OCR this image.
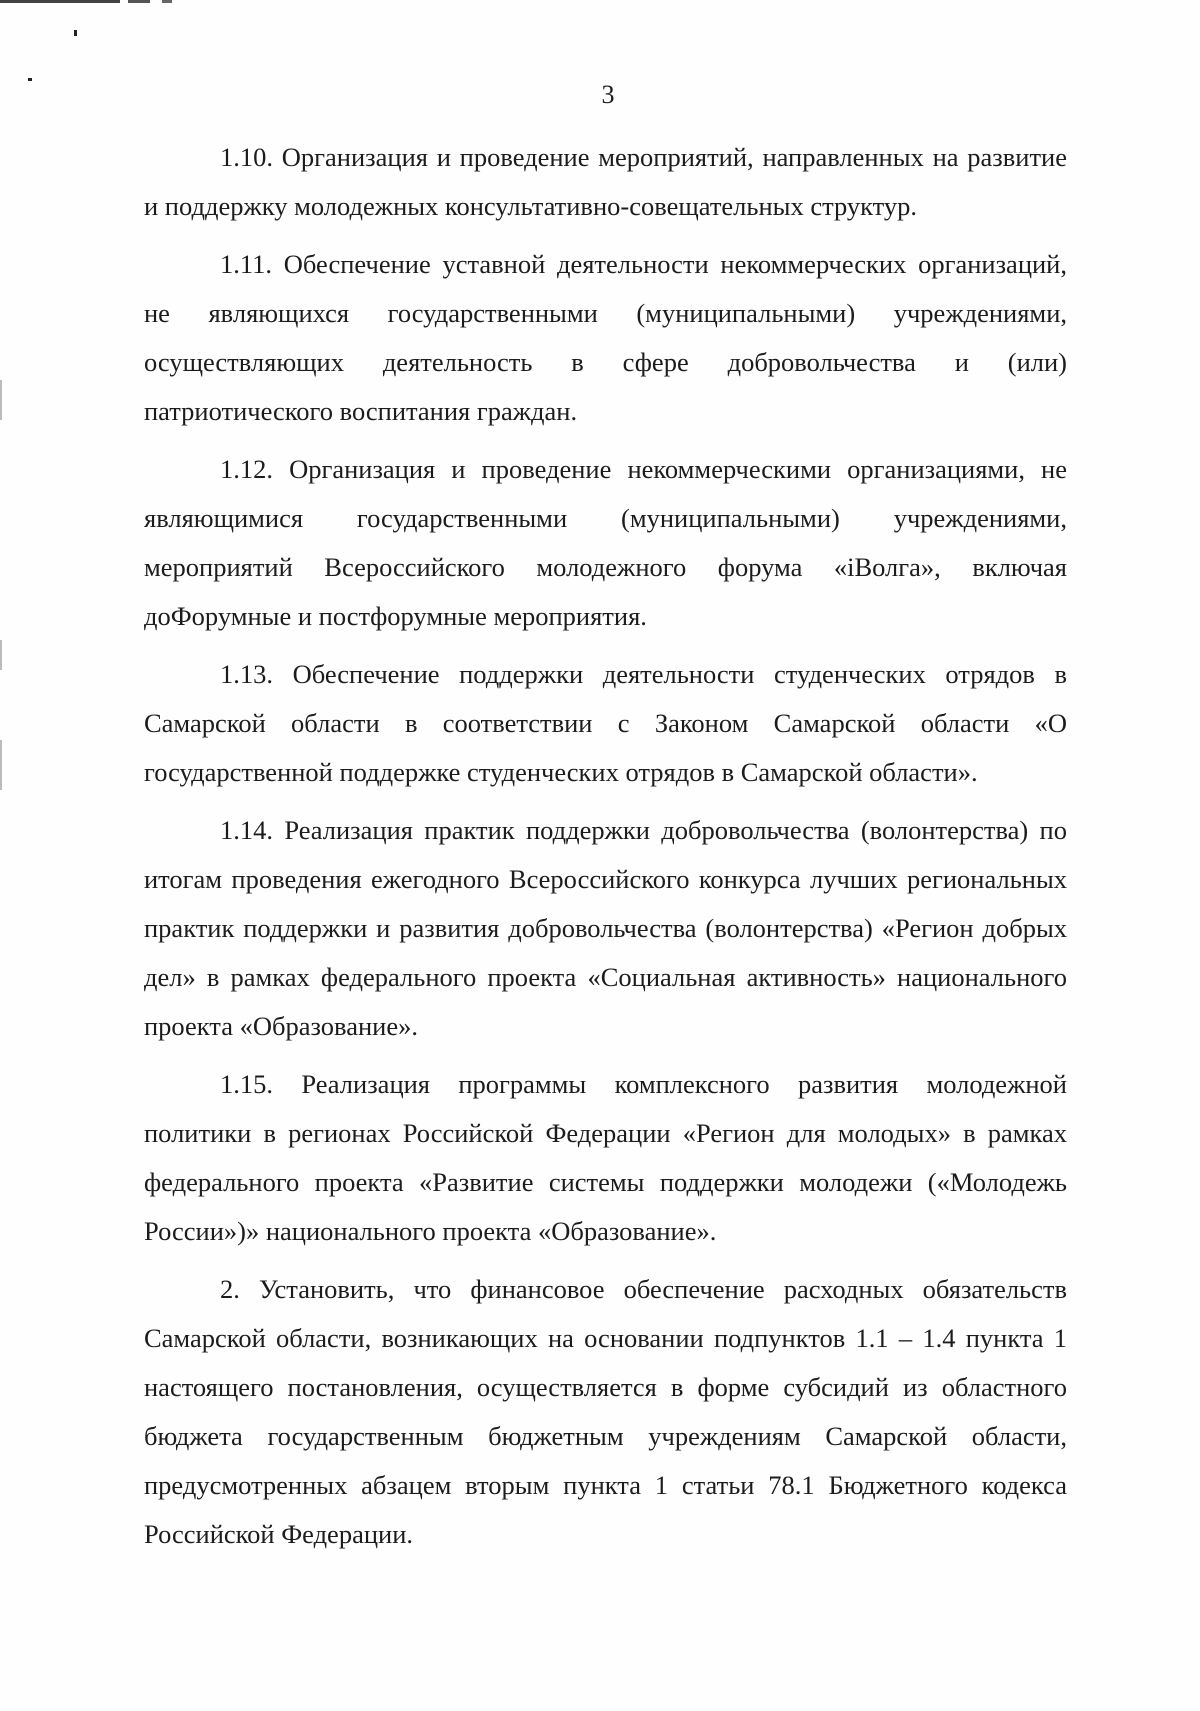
3

1.10. Организация и проведение мероприятий, направленных на развитие и поддержку молодежных консультативно-совещательных структур.

1.11. Обеспечение уставной деятельности некоммерческих организаций, не являющихся государственными (муниципальными) учреждениями, осуществляющих деятельность в сфере добровольчества и (или) патриотического воспитания граждан.

1.12. Организация и проведение некоммерческими организациями, не являющимися государственными (муниципальными) учреждениями, мероприятий Всероссийского молодежного форума «iВолга», включая доФорумные и постфорумные мероприятия.

1.13. Обеспечение поддержки деятельности студенческих отрядов в Самарской области в соответствии с Законом Самарской области «О государственной поддержке студенческих отрядов в Самарской области».

1.14. Реализация практик поддержки добровольчества (волонтерства) по итогам проведения ежегодного Всероссийского конкурса лучших региональных практик поддержки и развития добровольчества (волонтерства) «Регион добрых дел» в рамках федерального проекта «Социальная активность» национального проекта «Образование».

1.15. Реализация программы комплексного развития молодежной политики в регионах Российской Федерации «Регион для молодых» в рамках федерального проекта «Развитие системы поддержки молодежи («Молодежь России»)» национального проекта «Образование».

2. Установить, что финансовое обеспечение расходных обязательств Самарской области, возникающих на основании подпунктов 1.1 – 1.4 пункта 1 настоящего постановления, осуществляется в форме субсидий из областного бюджета государственным бюджетным учреждениям Самарской области, предусмотренных абзацем вторым пункта 1 статьи 78.1 Бюджетного кодекса Российской Федерации.
